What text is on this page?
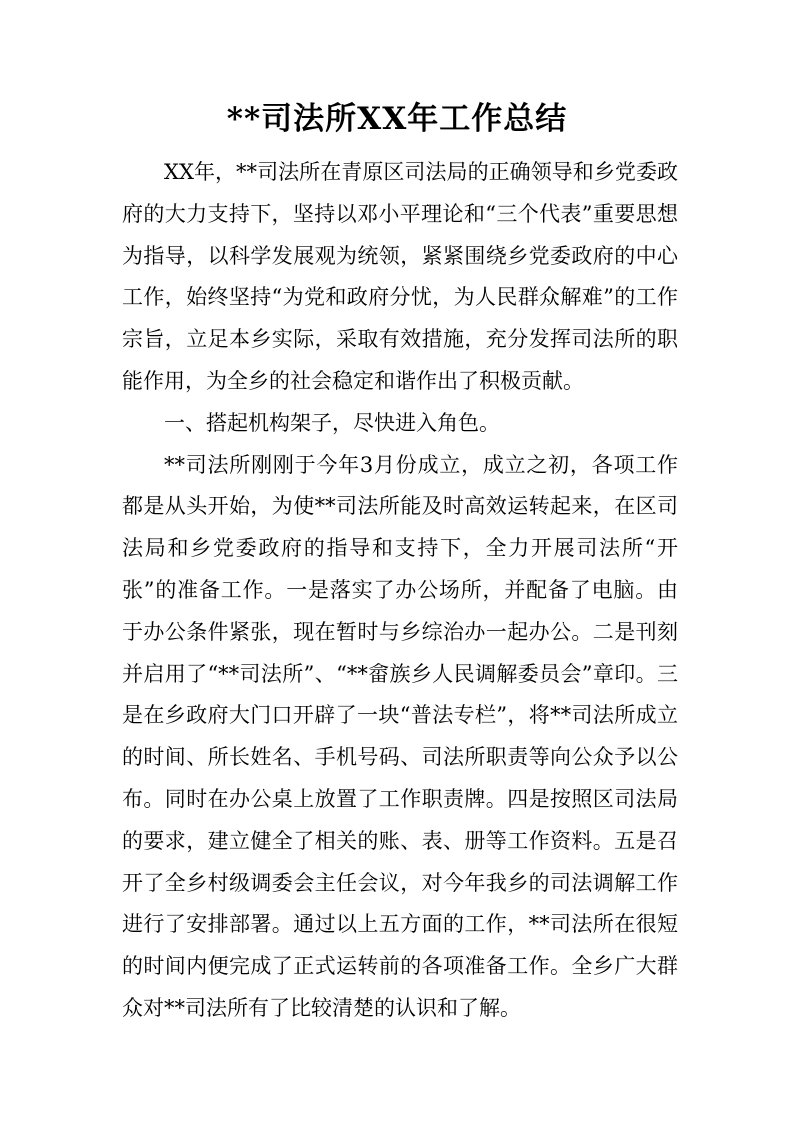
**司法所XX年工作总结

XX年，**司法所在青原区司法局的正确领导和乡党委政府的大力支持下，坚持以邓小平理论和“三个代表”重要思想为指导，以科学发展观为统领，紧紧围绕乡党委政府的中心工作，始终坚持“为党和政府分忧，为人民群众解难”的工作宗旨，立足本乡实际，采取有效措施，充分发挥司法所的职能作用，为全乡的社会稳定和谐作出了积极贡献。

一、搭起机构架子，尽快进入角色。

**司法所刚刚于今年3月份成立，成立之初，各项工作都是从头开始，为使**司法所能及时高效运转起来，在区司法局和乡党委政府的指导和支持下，全力开展司法所“开张”的准备工作。一是落实了办公场所，并配备了电脑。由于办公条件紧张，现在暂时与乡综治办一起办公。二是刊刻并启用了“**司法所”、“**畲族乡人民调解委员会”章印。三是在乡政府大门口开辟了一块“普法专栏”，将**司法所成立的时间、所长姓名、手机号码、司法所职责等向公众予以公布。同时在办公桌上放置了工作职责牌。四是按照区司法局的要求，建立健全了相关的账、表、册等工作资料。五是召开了全乡村级调委会主任会议，对今年我乡的司法调解工作进行了安排部署。通过以上五方面的工作，**司法所在很短的时间内便完成了正式运转前的各项准备工作。全乡广大群众对**司法所有了比较清楚的认识和了解。
